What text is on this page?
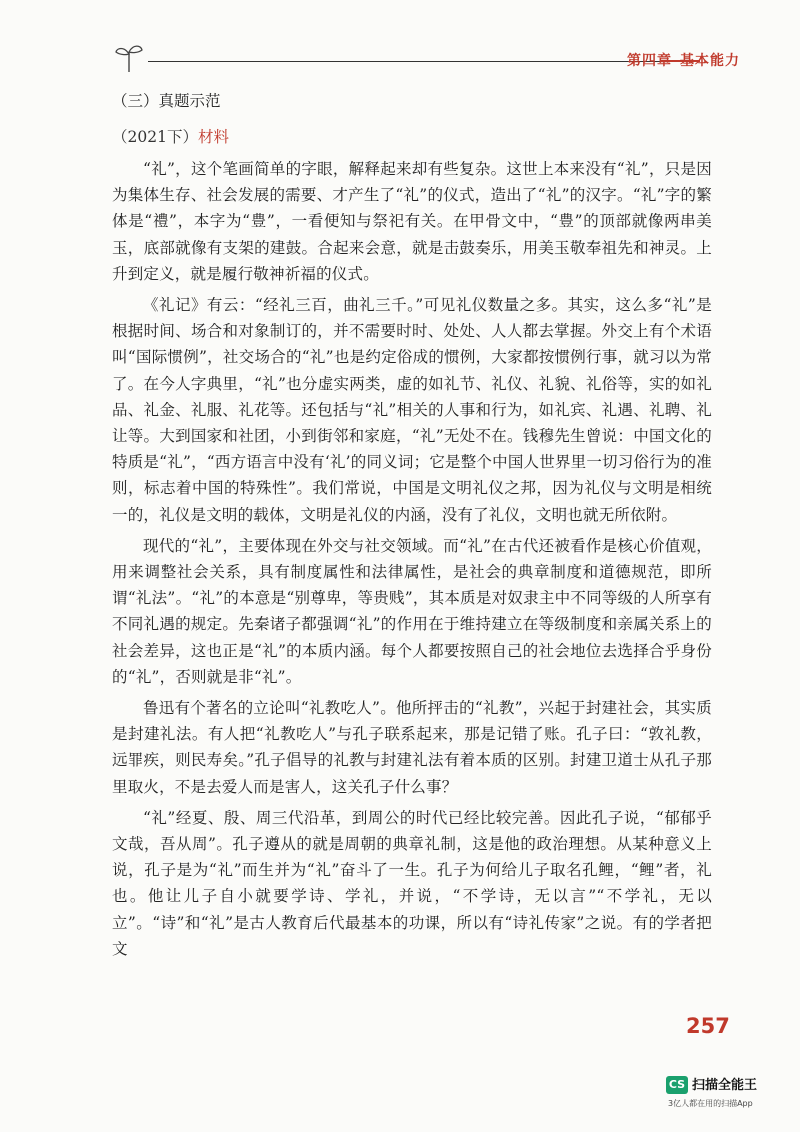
第四章 基本能力

（三）真题示范

（2021下）材料

“礼”，这个笔画简单的字眼，解释起来却有些复杂。这世上本来没有“礼”，只是因为集体生存、社会发展的需要、才产生了“礼”的仪式，造出了“礼”的汉字。“礼”字的繁体是“禮”，本字为“豊”，一看便知与祭祀有关。在甲骨文中，“豊”的顶部就像两串美玉，底部就像有支架的建鼓。合起来会意，就是击鼓奏乐，用美玉敬奉祖先和神灵。上升到定义，就是履行敬神祈福的仪式。

《礼记》有云：“经礼三百，曲礼三千。”可见礼仪数量之多。其实，这么多“礼”是根据时间、场合和对象制订的，并不需要时时、处处、人人都去掌握。外交上有个术语叫“国际惯例”，社交场合的“礼”也是约定俗成的惯例，大家都按惯例行事，就习以为常了。在今人字典里，“礼”也分虚实两类，虚的如礼节、礼仪、礼貌、礼俗等，实的如礼品、礼金、礼服、礼花等。还包括与“礼”相关的人事和行为，如礼宾、礼遇、礼聘、礼让等。大到国家和社团，小到街邻和家庭，“礼”无处不在。钱穆先生曾说：中国文化的特质是“礼”，“西方语言中没有‘礼’的同义词；它是整个中国人世界里一切习俗行为的准则，标志着中国的特殊性”。我们常说，中国是文明礼仪之邦，因为礼仪与文明是相统一的，礼仪是文明的载体，文明是礼仪的内涵，没有了礼仪，文明也就无所依附。

现代的“礼”，主要体现在外交与社交领域。而“礼”在古代还被看作是核心价值观，用来调整社会关系，具有制度属性和法律属性，是社会的典章制度和道德规范，即所谓“礼法”。“礼”的本意是“别尊卑，等贵贱”，其本质是对奴隶主中不同等级的人所享有不同礼遇的规定。先秦诸子都强调“礼”的作用在于维持建立在等级制度和亲属关系上的社会差异，这也正是“礼”的本质内涵。每个人都要按照自己的社会地位去选择合乎身份的“礼”，否则就是非“礼”。

鲁迅有个著名的立论叫“礼教吃人”。他所抨击的“礼教”，兴起于封建社会，其实质是封建礼法。有人把“礼教吃人”与孔子联系起来，那是记错了账。孔子曰：“敦礼教，远罪疾，则民寿矣。”孔子倡导的礼教与封建礼法有着本质的区别。封建卫道士从孔子那里取火，不是去爱人而是害人，这关孔子什么事？

“礼”经夏、殷、周三代沿革，到周公的时代已经比较完善。因此孔子说，“郁郁乎文哉，吾从周”。孔子遵从的就是周朝的典章礼制，这是他的政治理想。从某种意义上说，孔子是为“礼”而生并为“礼”奋斗了一生。孔子为何给儿子取名孔鲤，“鲤”者，礼也。他让儿子自小就要学诗、学礼，并说，“不学诗，无以言”“不学礼，无以立”。“诗”和“礼”是古人教育后代最基本的功课，所以有“诗礼传家”之说。有的学者把文

257
CS 扫描全能王
3亿人都在用的扫描App
